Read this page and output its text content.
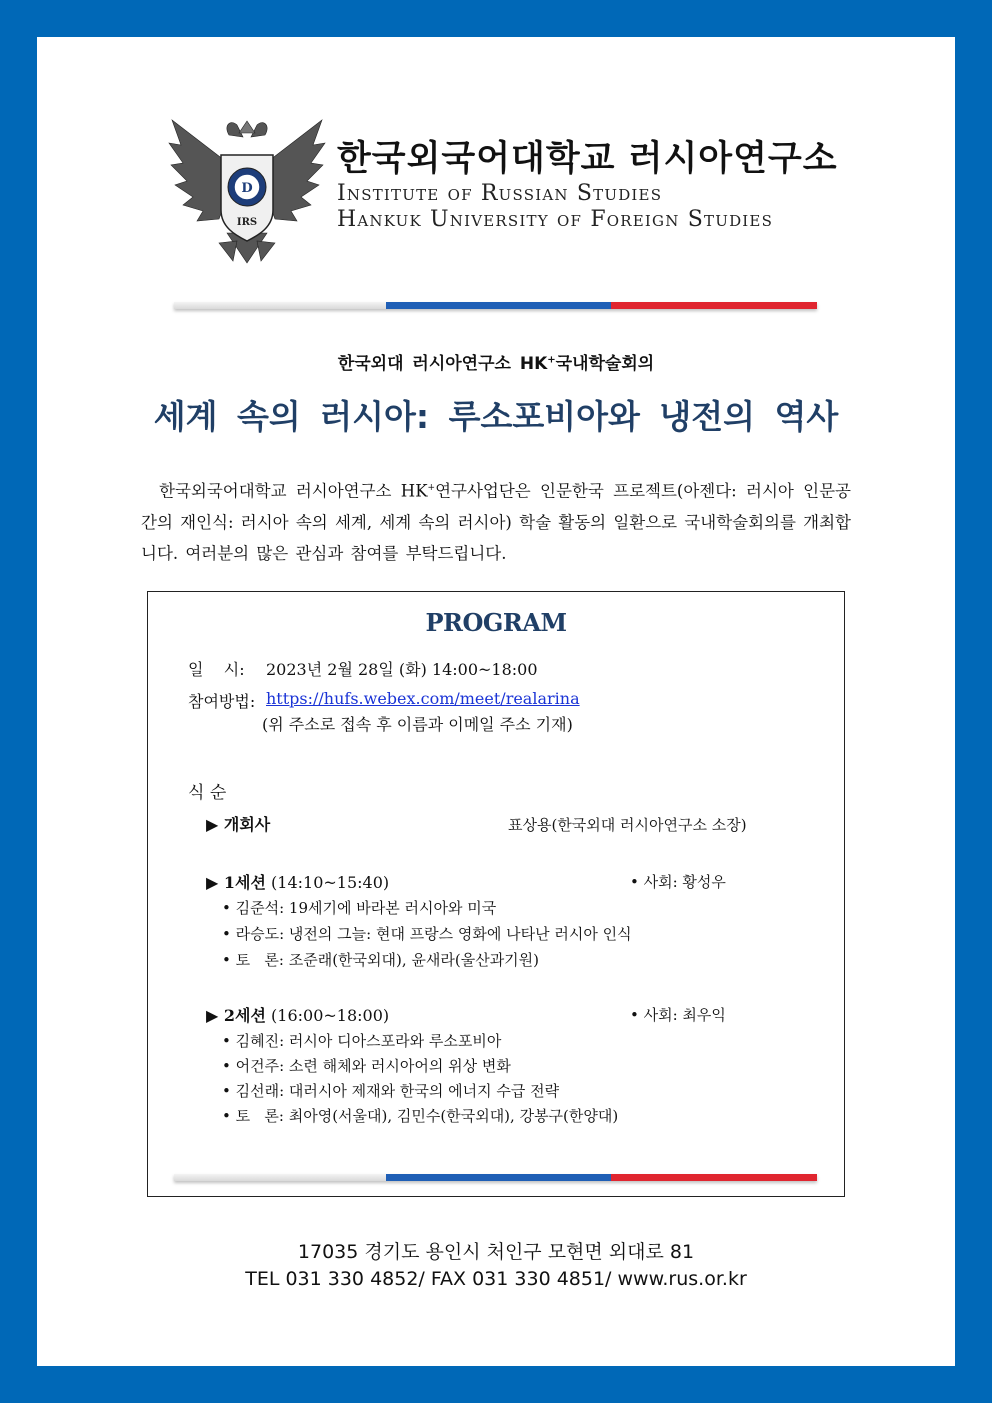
D
IRS
한국외국어대학교 러시아연구소
Institute of Russian Studies
Hankuk University of Foreign Studies
한국외대 러시아연구소 HK+국내학술회의
세계 속의 러시아: 루소포비아와 냉전의 역사
한국외국어대학교 러시아연구소 HK+연구사업단은 인문한국 프로젝트(아젠다: 러시아 인문공간의 재인식: 러시아 속의 세계, 세계 속의 러시아) 학술 활동의 일환으로 국내학술회의를 개최합니다. 여러분의 많은 관심과 참여를 부탁드립니다.
PROGRAM
일    시: 2023년 2월 28일 (화) 14:00~18:00
참여방법: https://hufs.webex.com/meet/realarina
(위 주소로 접속 후 이름과 이메일 주소 기재)
식 순
▶ 개회사	표상용(한국외대 러시아연구소 소장)
▶ 1세션 (14:10~15:40)	• 사회: 황성우
• 김준석: 19세기에 바라본 러시아와 미국
• 라승도: 냉전의 그늘: 현대 프랑스 영화에 나타난 러시아 인식
• 토   론: 조준래(한국외대), 윤새라(울산과기원)
▶ 2세션 (16:00~18:00)	• 사회: 최우익
• 김혜진: 러시아 디아스포라와 루소포비아
• 어건주: 소련 해체와 러시아어의 위상 변화
• 김선래: 대러시아 제재와 한국의 에너지 수급 전략
• 토   론: 최아영(서울대), 김민수(한국외대), 강봉구(한양대)
17035 경기도 용인시 처인구 모현면 외대로 81
TEL 031 330 4852/ FAX 031 330 4851/ www.rus.or.kr
